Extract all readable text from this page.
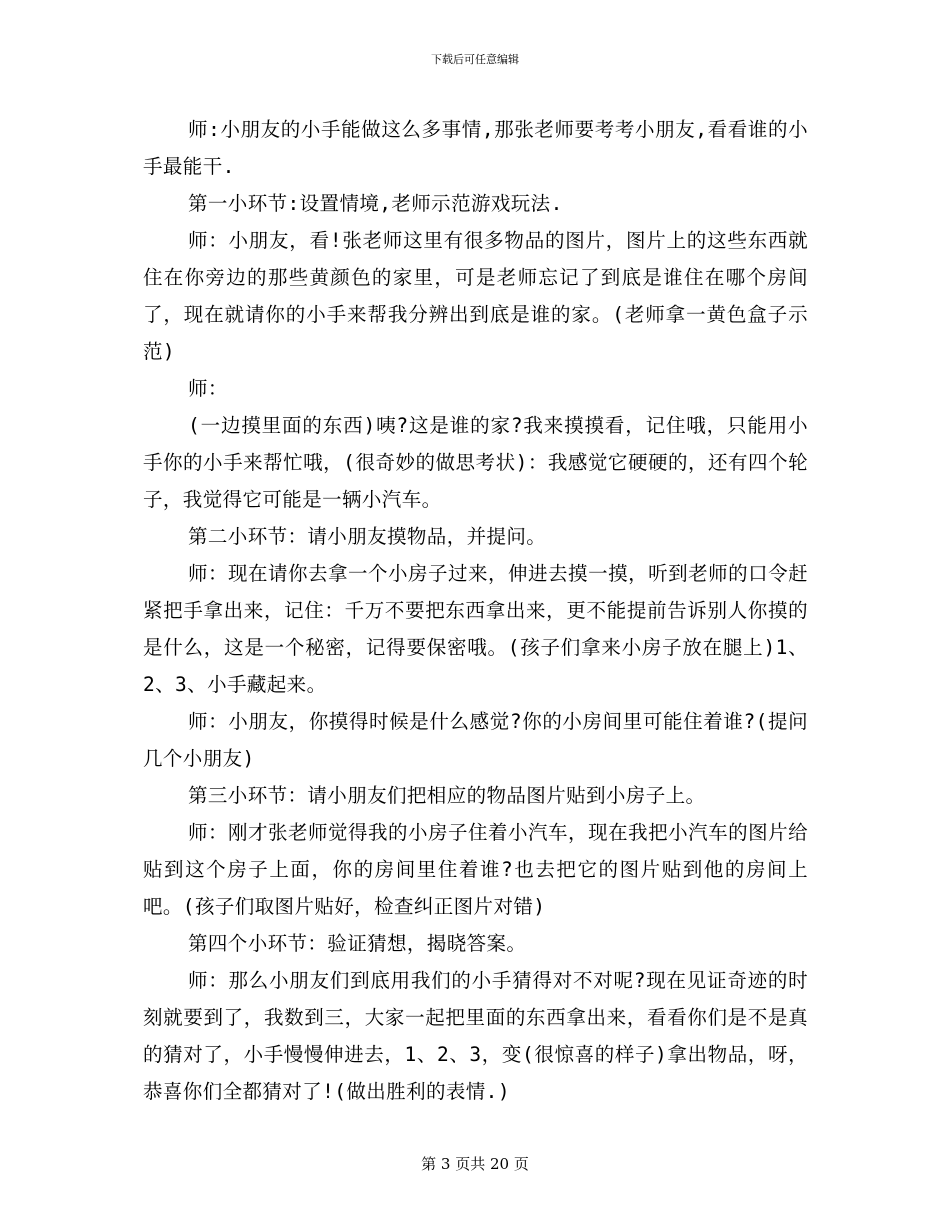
下载后可任意编辑

师:小朋友的小手能做这么多事情,那张老师要考考小朋友,看看谁的小手最能干.

第一小环节:设置情境,老师示范游戏玩法.

师：小朋友，看!张老师这里有很多物品的图片，图片上的这些东西就住在你旁边的那些黄颜色的家里，可是老师忘记了到底是谁住在哪个房间了，现在就请你的小手来帮我分辨出到底是谁的家。(老师拿一黄色盒子示范)

师：

(一边摸里面的东西)咦?这是谁的家?我来摸摸看，记住哦，只能用小手你的小手来帮忙哦，(很奇妙的做思考状)：我感觉它硬硬的，还有四个轮子，我觉得它可能是一辆小汽车。

第二小环节：请小朋友摸物品，并提问。

师：现在请你去拿一个小房子过来，伸进去摸一摸，听到老师的口令赶紧把手拿出来，记住：千万不要把东西拿出来，更不能提前告诉别人你摸的是什么，这是一个秘密，记得要保密哦。(孩子们拿来小房子放在腿上)1、2、3、小手藏起来。

师：小朋友，你摸得时候是什么感觉?你的小房间里可能住着谁?(提问几个小朋友)

第三小环节：请小朋友们把相应的物品图片贴到小房子上。

师：刚才张老师觉得我的小房子住着小汽车，现在我把小汽车的图片给贴到这个房子上面，你的房间里住着谁?也去把它的图片贴到他的房间上吧。(孩子们取图片贴好，检查纠正图片对错)

第四个小环节：验证猜想，揭晓答案。

师：那么小朋友们到底用我们的小手猜得对不对呢?现在见证奇迹的时刻就要到了，我数到三，大家一起把里面的东西拿出来，看看你们是不是真的猜对了，小手慢慢伸进去，1、2、3，变(很惊喜的样子)拿出物品，呀，恭喜你们全都猜对了!(做出胜利的表情.)

第 3 页共 20 页
